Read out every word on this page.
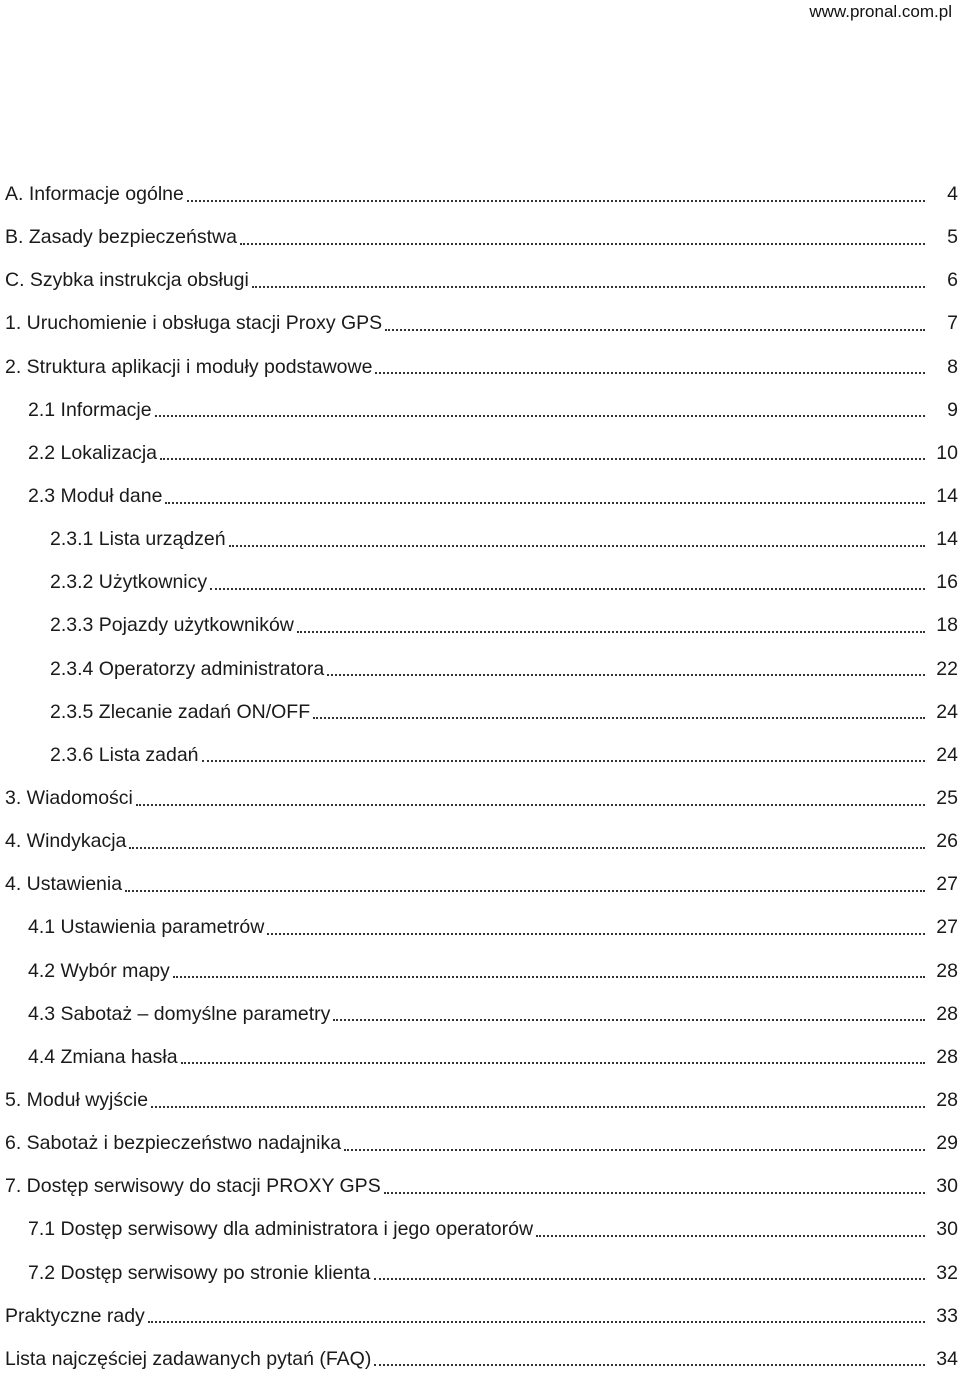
www.pronal.com.pl
A. Informacje ogólne	4
B. Zasady bezpieczeństwa	5
C. Szybka instrukcja obsługi	6
1. Uruchomienie i obsługa stacji Proxy GPS	7
2. Struktura aplikacji i moduły podstawowe	8
2.1 Informacje	9
2.2 Lokalizacja	10
2.3 Moduł dane	14
2.3.1 Lista urządzeń	14
2.3.2 Użytkownicy	16
2.3.3 Pojazdy użytkowników	18
2.3.4 Operatorzy administratora	22
2.3.5 Zlecanie zadań ON/OFF	24
2.3.6 Lista zadań	24
3. Wiadomości	25
4. Windykacja	26
4. Ustawienia	27
4.1 Ustawienia parametrów	27
4.2 Wybór mapy	28
4.3 Sabotaż – domyślne parametry	28
4.4 Zmiana hasła	28
5. Moduł wyjście	28
6. Sabotaż i bezpieczeństwo nadajnika	29
7. Dostęp serwisowy do stacji PROXY GPS	30
7.1 Dostęp serwisowy dla administratora i jego operatorów	30
7.2 Dostęp serwisowy po stronie klienta	32
Praktyczne rady	33
Lista najczęściej zadawanych pytań (FAQ)	34
